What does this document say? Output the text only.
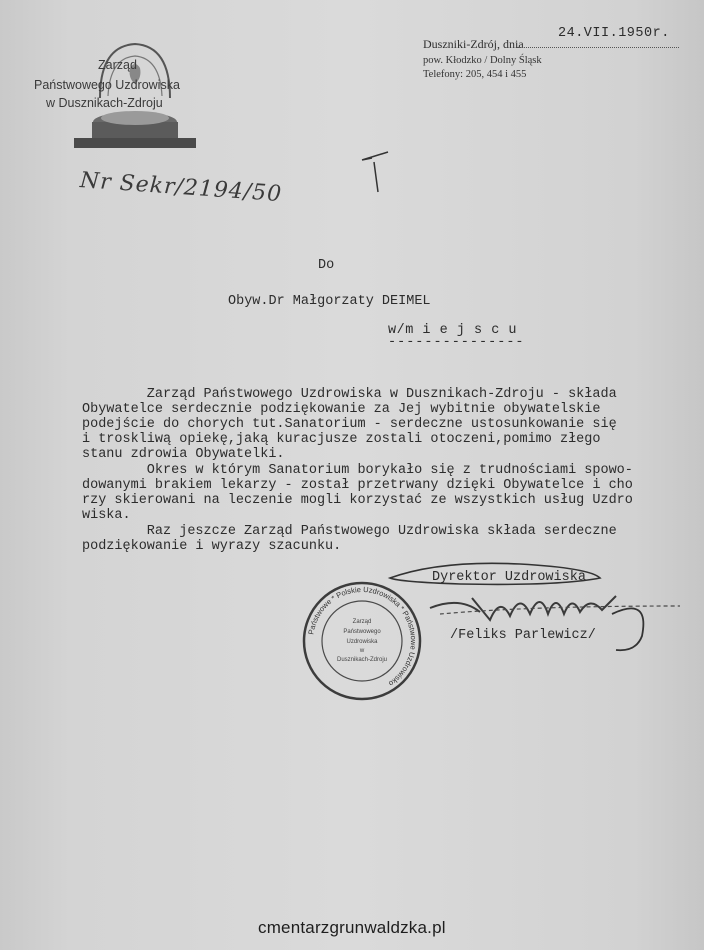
Zarząd
Państwowego Uzdrowiska
w Dusznikach-Zdroju
Duszniki-Zdrój, dnia
24.VII.1950r.
pow. Kłodzko / Dolny Śląsk
Telefony: 205, 454 i 455
Nr Sekr/2194/50
Do
Obyw.Dr Małgorzaty DEIMEL
w/m i e j s c u
---------------
Zarząd Państwowego Uzdrowiska w Dusznikach-Zdroju - składa
Obywatelce serdecznie podziękowanie za Jej wybitnie obywatelskie
podejście do chorych tut.Sanatorium - serdeczne ustosunkowanie się
i troskliwą opiekę,jaką kuracjusze zostali otoczeni,pomimo złego
stanu zdrowia Obywatelki.
Okres w którym Sanatorium borykało się z trudnościami spowo-
dowanymi brakiem lekarzy - został przetrwany dzięki Obywatelce i cho
rzy skierowani na leczenie mogli korzystać ze wszystkich usług Uzdro
wiska.
Raz jeszcze Zarząd Państwowego Uzdrowiska składa serdeczne
podziękowanie i wyrazy szacunku.
Dyrektor Uzdrowiska
/Feliks Parlewicz/
Państwowe * Polskie Uzdrowiska * Państwowe Uzdrowisko
Zarząd
Państwowego
Uzdrowiska
w
Dusznikach-Zdroju
cmentarzgrunwaldzka.pl
